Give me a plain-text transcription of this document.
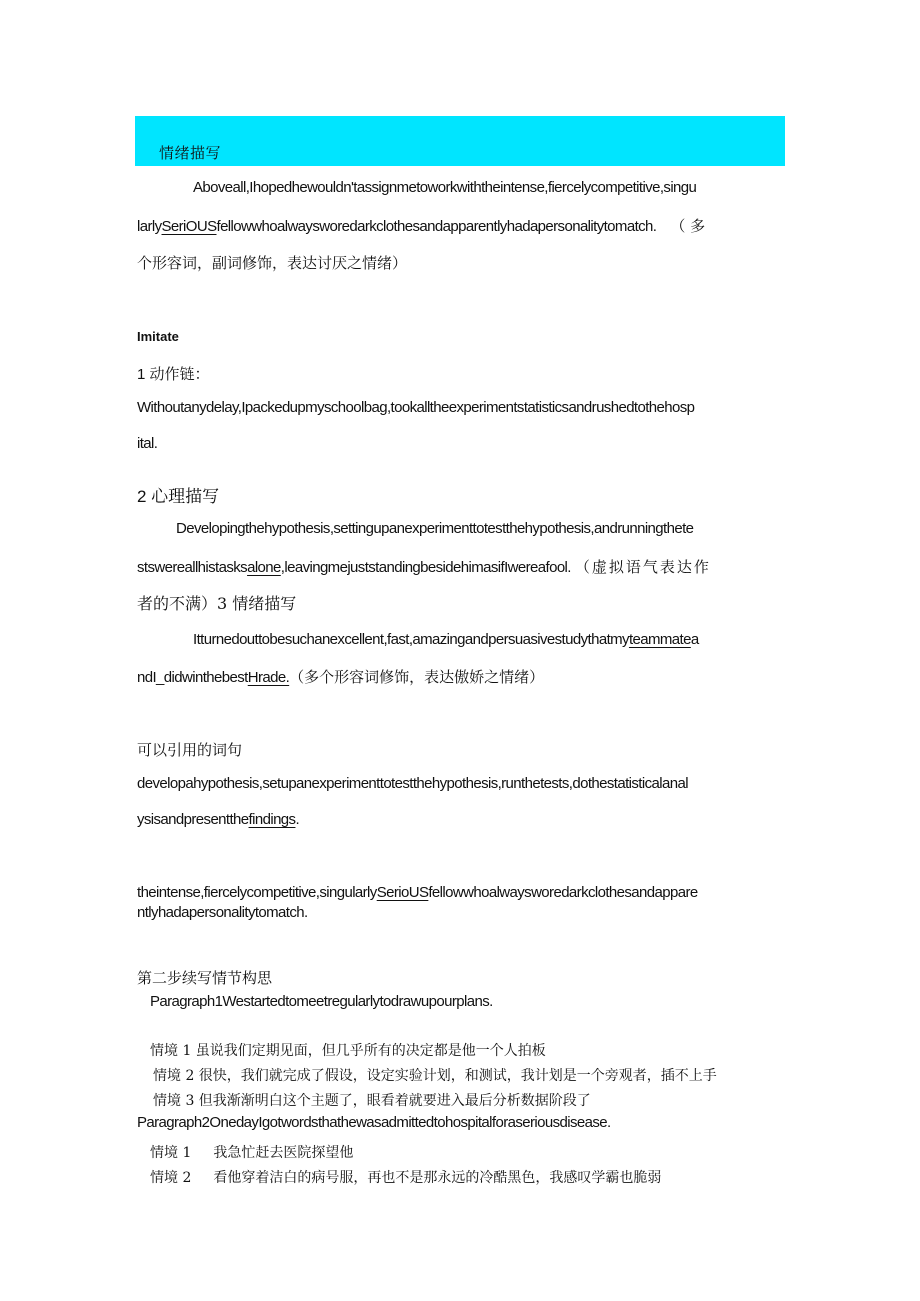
情绪描写
Aboveall,Ihopedhewouldn'tassignmetoworkwiththeintense,fiercelycompetitive,singu
larlySeriOUSfellowwhoalwaysworedarkclothesandapparentlyhadapersonalitytomatch. （ 多
个形容词，副词修饰，表达讨厌之情绪）
Imitate
1 动作链：
Withoutanydelay,Ipackedupmyschoolbag,tookalltheexperimentstatisticsandrushedtothehosp
ital.
2 心理描写
Developingthehypothesis,settingupanexperimenttotestthehypothesis,andrunningthete
stswereallhistasksalone,leavingmejuststandingbesidehimasifIwereafool. （虚拟语气表达作
者的不满）3 情绪描写
Itturnedouttobesuchanexcellent,fast,amazingandpersuasivestudythatmyteammatea
ndI_didwinthebestHrade.（多个形容词修饰，表达傲娇之情绪）
可以引用的词句
developahypothesis,setupanexperimenttotestthehypothesis,runthetests,dothestatisticalanal
ysisandpresentthefindings.
theintense,fiercelycompetitive,singularlySerioUSfellowwhoalwaysworedarkclothesandappare
ntlyhadapersonalitytomatch.
第二步续写情节构思
Paragraph1Westartedtomeetregularlytodrawupourplans.
情境 1 虽说我们定期见面，但几乎所有的决定都是他一个人拍板
情境 2 很快，我们就完成了假设，设定实验计划，和测试，我计划是一个旁观者，插不上手
情境 3 但我渐渐明白这个主题了，眼看着就要进入最后分析数据阶段了
Paragraph2OnedayIgotwordsthathewasadmittedtohospitalforaseriousdisease.
情境 1 我急忙赶去医院探望他
情境 2 看他穿着洁白的病号服，再也不是那永远的冷酷黑色，我感叹学霸也脆弱
